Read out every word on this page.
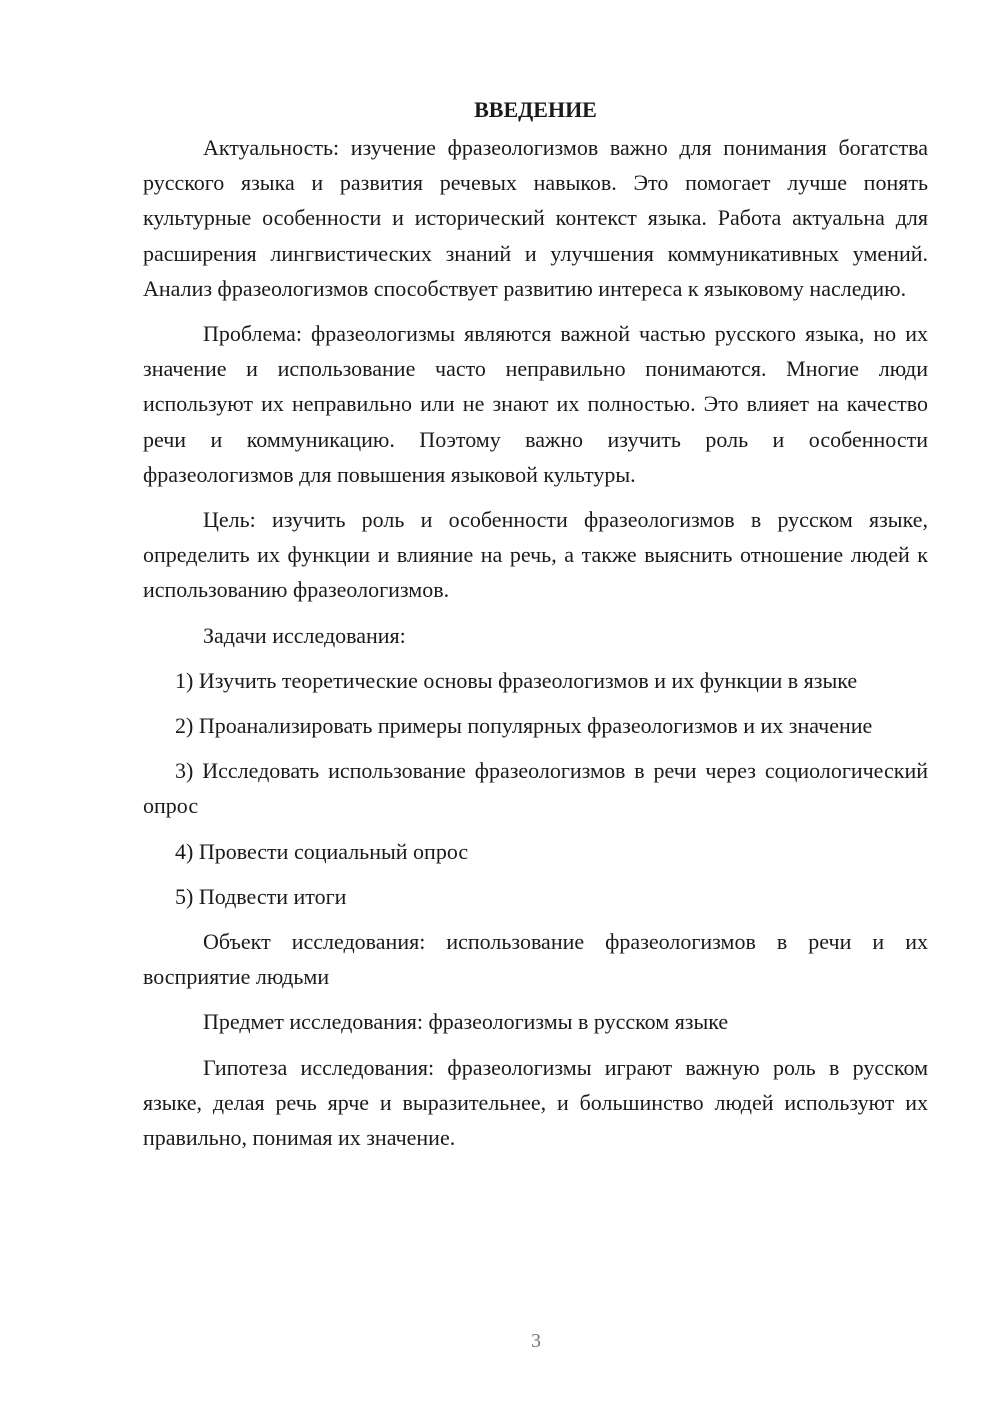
ВВЕДЕНИЕ

Актуальность: изучение фразеологизмов важно для понимания богатства русского языка и развития речевых навыков. Это помогает лучше понять культурные особенности и исторический контекст языка. Работа актуальна для расширения лингвистических знаний и улучшения коммуникативных умений. Анализ фразеологизмов способствует развитию интереса к языковому наследию.

Проблема: фразеологизмы являются важной частью русского языка, но их значение и использование часто неправильно понимаются. Многие люди используют их неправильно или не знают их полностью. Это влияет на качество речи и коммуникацию. Поэтому важно изучить роль и особенности фразеологизмов для повышения языковой культуры.

Цель: изучить роль и особенности фразеологизмов в русском языке, определить их функции и влияние на речь, а также выяснить отношение людей к использованию фразеологизмов.

Задачи исследования:

1) Изучить теоретические основы фразеологизмов и их функции в языке

2) Проанализировать примеры популярных фразеологизмов и их значение

3) Исследовать использование фразеологизмов в речи через социологический опрос

4) Провести социальный опрос

5) Подвести итоги

Объект исследования: использование фразеологизмов в речи и их восприятие людьми

Предмет исследования: фразеологизмы в русском языке

Гипотеза исследования: фразеологизмы играют важную роль в русском языке, делая речь ярче и выразительнее, и большинство людей используют их правильно, понимая их значение.

3
